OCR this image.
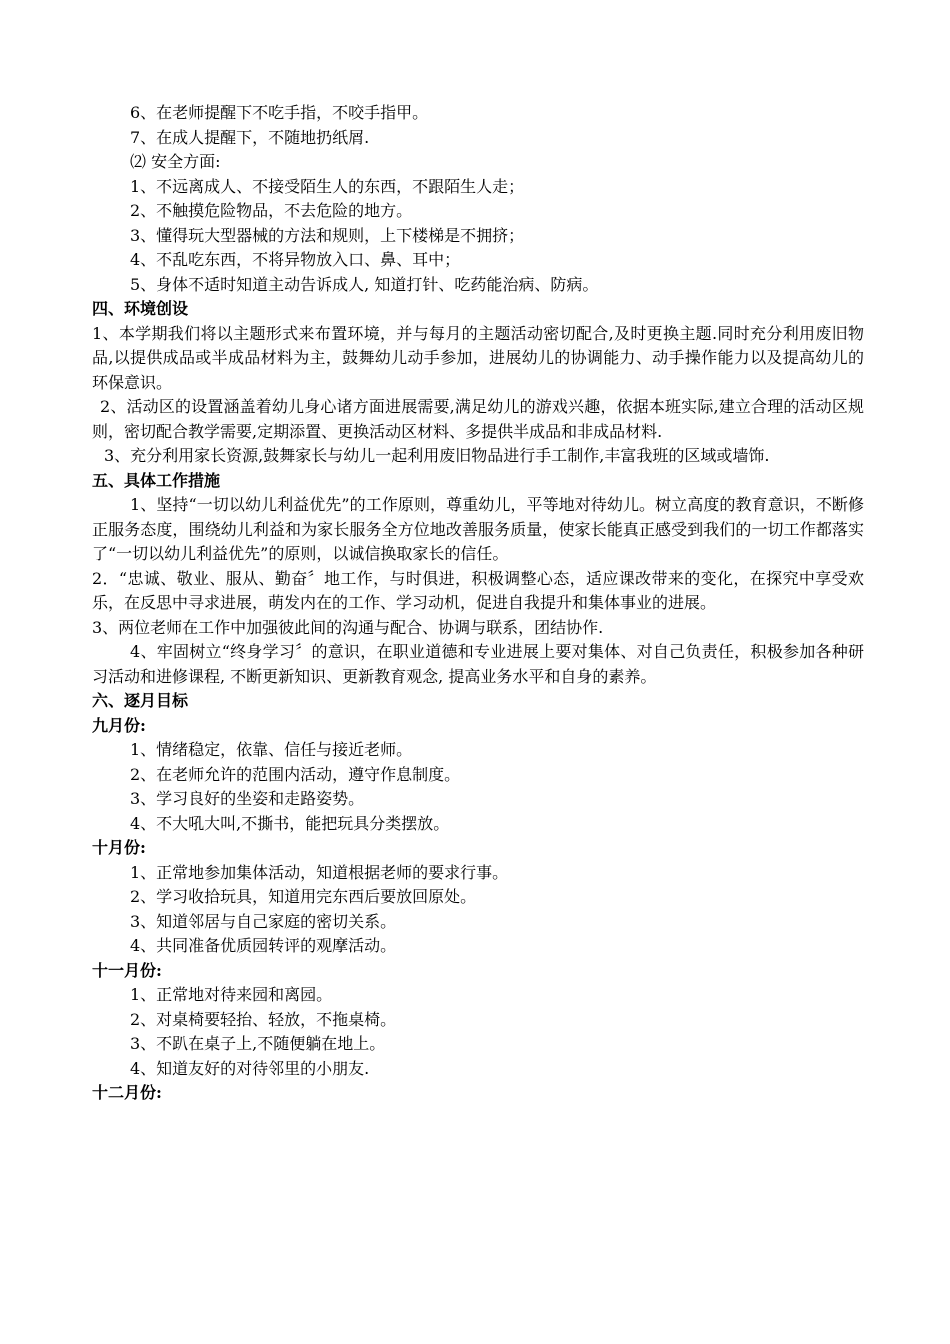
6、在老师提醒下不吃手指，不咬手指甲。
7、在成人提醒下，不随地扔纸屑.
⑵ 安全方面:
1、不远离成人、不接受陌生人的东西，不跟陌生人走；
2、不触摸危险物品，不去危险的地方。
3、懂得玩大型器械的方法和规则，上下楼梯是不拥挤；
4、不乱吃东西，不将异物放入口、鼻、耳中；
5、身体不适时知道主动告诉成人, 知道打针、吃药能治病、防病。
四、环境创设
1、本学期我们将以主题形式来布置环境，并与每月的主题活动密切配合,及时更换主题.同时充分利用废旧物品,以提供成品或半成品材料为主，鼓舞幼儿动手参加，进展幼儿的协调能力、动手操作能力以及提高幼儿的环保意识。
2、活动区的设置涵盖着幼儿身心诸方面进展需要,满足幼儿的游戏兴趣，依据本班实际,建立合理的活动区规则，密切配合教学需要,定期添置、更换活动区材料、多提供半成品和非成品材料.
3、充分利用家长资源,鼓舞家长与幼儿一起利用废旧物品进行手工制作,丰富我班的区域或墙饰.
五、具体工作措施
1、坚持“一切以幼儿利益优先”的工作原则，尊重幼儿，平等地对待幼儿。树立高度的教育意识，不断修正服务态度，围绕幼儿利益和为家长服务全方位地改善服务质量，使家长能真正感受到我们的一切工作都落实了“一切以幼儿利益优先”的原则，以诚信换取家长的信任。
2．“忠诚、敬业、服从、勤奋〞地工作，与时俱进，积极调整心态，适应课改带来的变化，在探究中享受欢乐，在反思中寻求进展，萌发内在的工作、学习动机，促进自我提升和集体事业的进展。
3、两位老师在工作中加强彼此间的沟通与配合、协调与联系，团结协作.
4、牢固树立“终身学习〞的意识，在职业道德和专业进展上要对集体、对自己负责任，积极参加各种研习活动和进修课程, 不断更新知识、更新教育观念, 提高业务水平和自身的素养。
六、逐月目标
九月份:
1、情绪稳定，依靠、信任与接近老师。
2、在老师允许的范围内活动，遵守作息制度。
3、学习良好的坐姿和走路姿势。
4、不大吼大叫,不撕书，能把玩具分类摆放。
十月份:
1、正常地参加集体活动，知道根据老师的要求行事。
2、学习收拾玩具，知道用完东西后要放回原处。
3、知道邻居与自己家庭的密切关系。
4、共同准备优质园转评的观摩活动。
十一月份:
1、正常地对待来园和离园。
2、对桌椅要轻抬、轻放，不拖桌椅。
3、不趴在桌子上,不随便躺在地上。
4、知道友好的对待邻里的小朋友.
十二月份:
